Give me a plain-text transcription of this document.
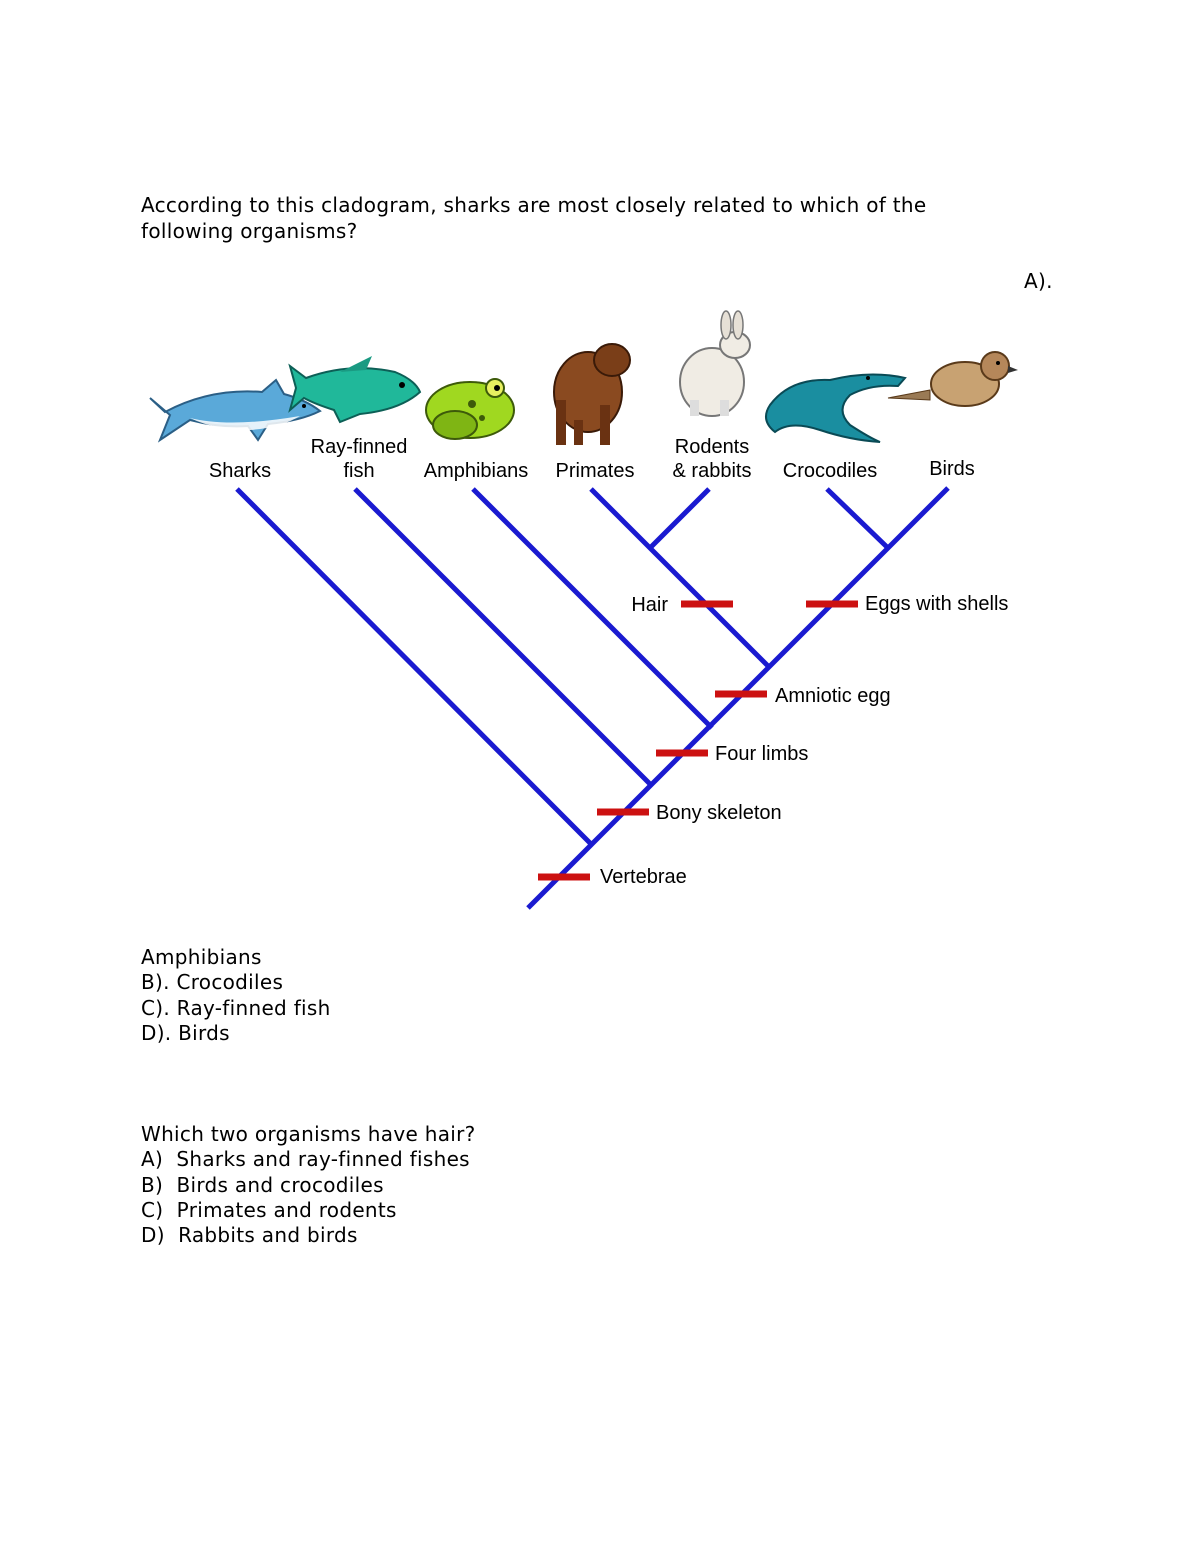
According to this cladogram, sharks are most closely related to which of the
following organisms?
A).
Sharks
Ray-finned
fish Amphibians Primates
Rodents
& rabbits Crocodiles	Birds
Hair	Eggs with shells
Amniotic egg
Four limbs
Bony skeleton
Vertebrae
Amphibians
B). Crocodiles
C). Ray-finned fish
D). Birds
Which two organisms have hair?
A)  Sharks and ray-finned fishes
B)  Birds and crocodiles
C)  Primates and rodents
D)  Rabbits and birds
